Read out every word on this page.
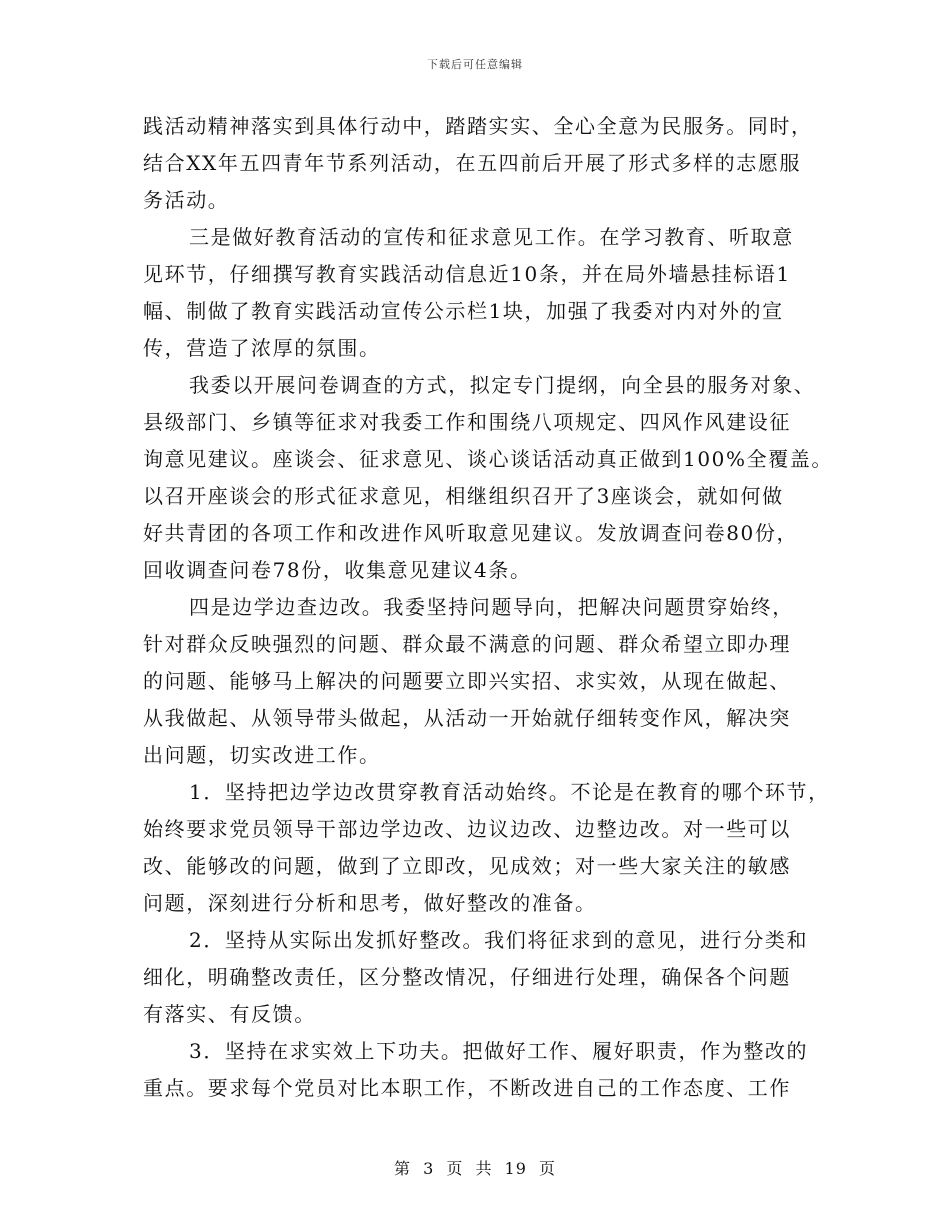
下载后可任意编辑
践活动精神落实到具体行动中，踏踏实实、全心全意为民服务。同时，
结合XX年五四青年节系列活动，在五四前后开展了形式多样的志愿服
务活动。
三是做好教育活动的宣传和征求意见工作。在学习教育、听取意
见环节，仔细撰写教育实践活动信息近10条，并在局外墙悬挂标语1
幅、制做了教育实践活动宣传公示栏1块，加强了我委对内对外的宣
传，营造了浓厚的氛围。
我委以开展问卷调查的方式，拟定专门提纲，向全县的服务对象、
县级部门、乡镇等征求对我委工作和围绕八项规定、四风作风建设征
询意见建议。座谈会、征求意见、谈心谈话活动真正做到100%全覆盖。
以召开座谈会的形式征求意见，相继组织召开了3座谈会，就如何做
好共青团的各项工作和改进作风听取意见建议。发放调查问卷80份，
回收调查问卷78份，收集意见建议4条。
四是边学边查边改。我委坚持问题导向，把解决问题贯穿始终，
针对群众反映强烈的问题、群众最不满意的问题、群众希望立即办理
的问题、能够马上解决的问题要立即兴实招、求实效，从现在做起、
从我做起、从领导带头做起，从活动一开始就仔细转变作风，解决突
出问题，切实改进工作。
1．坚持把边学边改贯穿教育活动始终。不论是在教育的哪个环节，
始终要求党员领导干部边学边改、边议边改、边整边改。对一些可以
改、能够改的问题，做到了立即改，见成效；对一些大家关注的敏感
问题，深刻进行分析和思考，做好整改的准备。
2．坚持从实际出发抓好整改。我们将征求到的意见，进行分类和
细化，明确整改责任，区分整改情况，仔细进行处理，确保各个问题
有落实、有反馈。
3．坚持在求实效上下功夫。把做好工作、履好职责，作为整改的
重点。要求每个党员对比本职工作，不断改进自己的工作态度、工作
第 3 页 共 19 页
